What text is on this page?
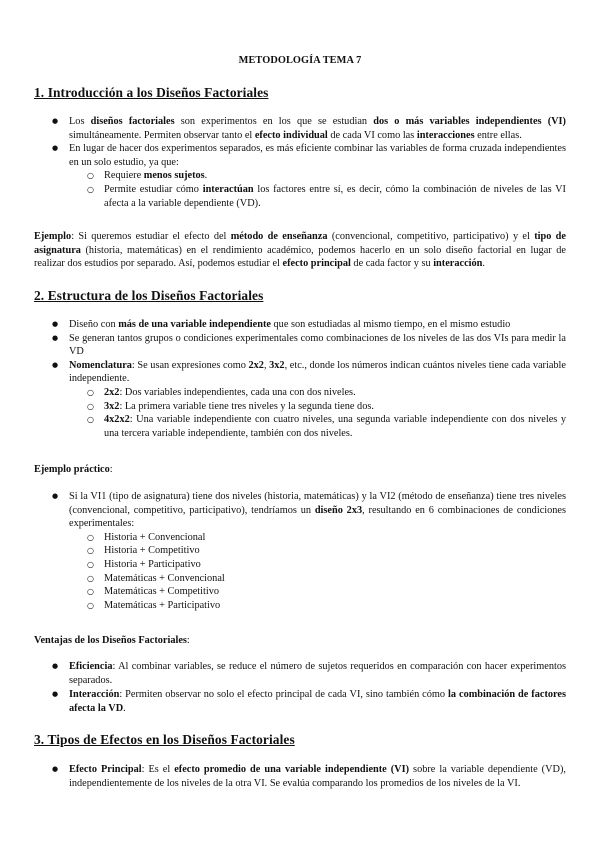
METODOLOGÍA TEMA 7
1. Introducción a los Diseños Factoriales
● Los diseños factoriales son experimentos en los que se estudian dos o más variables independientes (VI) simultáneamente. Permiten observar tanto el efecto individual de cada VI como las interacciones entre ellas.
● En lugar de hacer dos experimentos separados, es más eficiente combinar las variables de forma cruzada independientes en un solo estudio, ya que:
○ Requiere menos sujetos.
○ Permite estudiar cómo interactúan los factores entre sí, es decir, cómo la combinación de niveles de las VI afecta a la variable dependiente (VD).

Ejemplo: Si queremos estudiar el efecto del método de enseñanza (convencional, competitivo, participativo) y el tipo de asignatura (historia, matemáticas) en el rendimiento académico, podemos hacerlo en un solo diseño factorial en lugar de realizar dos estudios por separado. Así, podemos estudiar el efecto principal de cada factor y su interacción.

2. Estructura de los Diseños Factoriales
● Diseño con más de una variable independiente que son estudiadas al mismo tiempo, en el mismo estudio
● Se generan tantos grupos o condiciones experimentales como combinaciones de los niveles de las dos VIs para medir la VD
● Nomenclatura: Se usan expresiones como 2x2, 3x2, etc., donde los números indican cuántos niveles tiene cada variable independiente.
○ 2x2: Dos variables independientes, cada una con dos niveles.
○ 3x2: La primera variable tiene tres niveles y la segunda tiene dos.
○ 4x2x2: Una variable independiente con cuatro niveles, una segunda variable independiente con dos niveles y una tercera variable independiente, también con dos niveles.

Ejemplo práctico:

● Si la VI1 (tipo de asignatura) tiene dos niveles (historia, matemáticas) y la VI2 (método de enseñanza) tiene tres niveles (convencional, competitivo, participativo), tendríamos un diseño 2x3, resultando en 6 combinaciones de condiciones experimentales:
○ Historia + Convencional
○ Historia + Competitivo
○ Historia + Participativo
○ Matemáticas + Convencional
○ Matemáticas + Competitivo
○ Matemáticas + Participativo

Ventajas de los Diseños Factoriales:

● Eficiencia: Al combinar variables, se reduce el número de sujetos requeridos en comparación con hacer experimentos separados.
● Interacción: Permiten observar no solo el efecto principal de cada VI, sino también cómo la combinación de factores afecta la VD.
3. Tipos de Efectos en los Diseños Factoriales
● Efecto Principal: Es el efecto promedio de una variable independiente (VI) sobre la variable dependiente (VD), independientemente de los niveles de la otra VI. Se evalúa comparando los promedios de los niveles de la VI.
